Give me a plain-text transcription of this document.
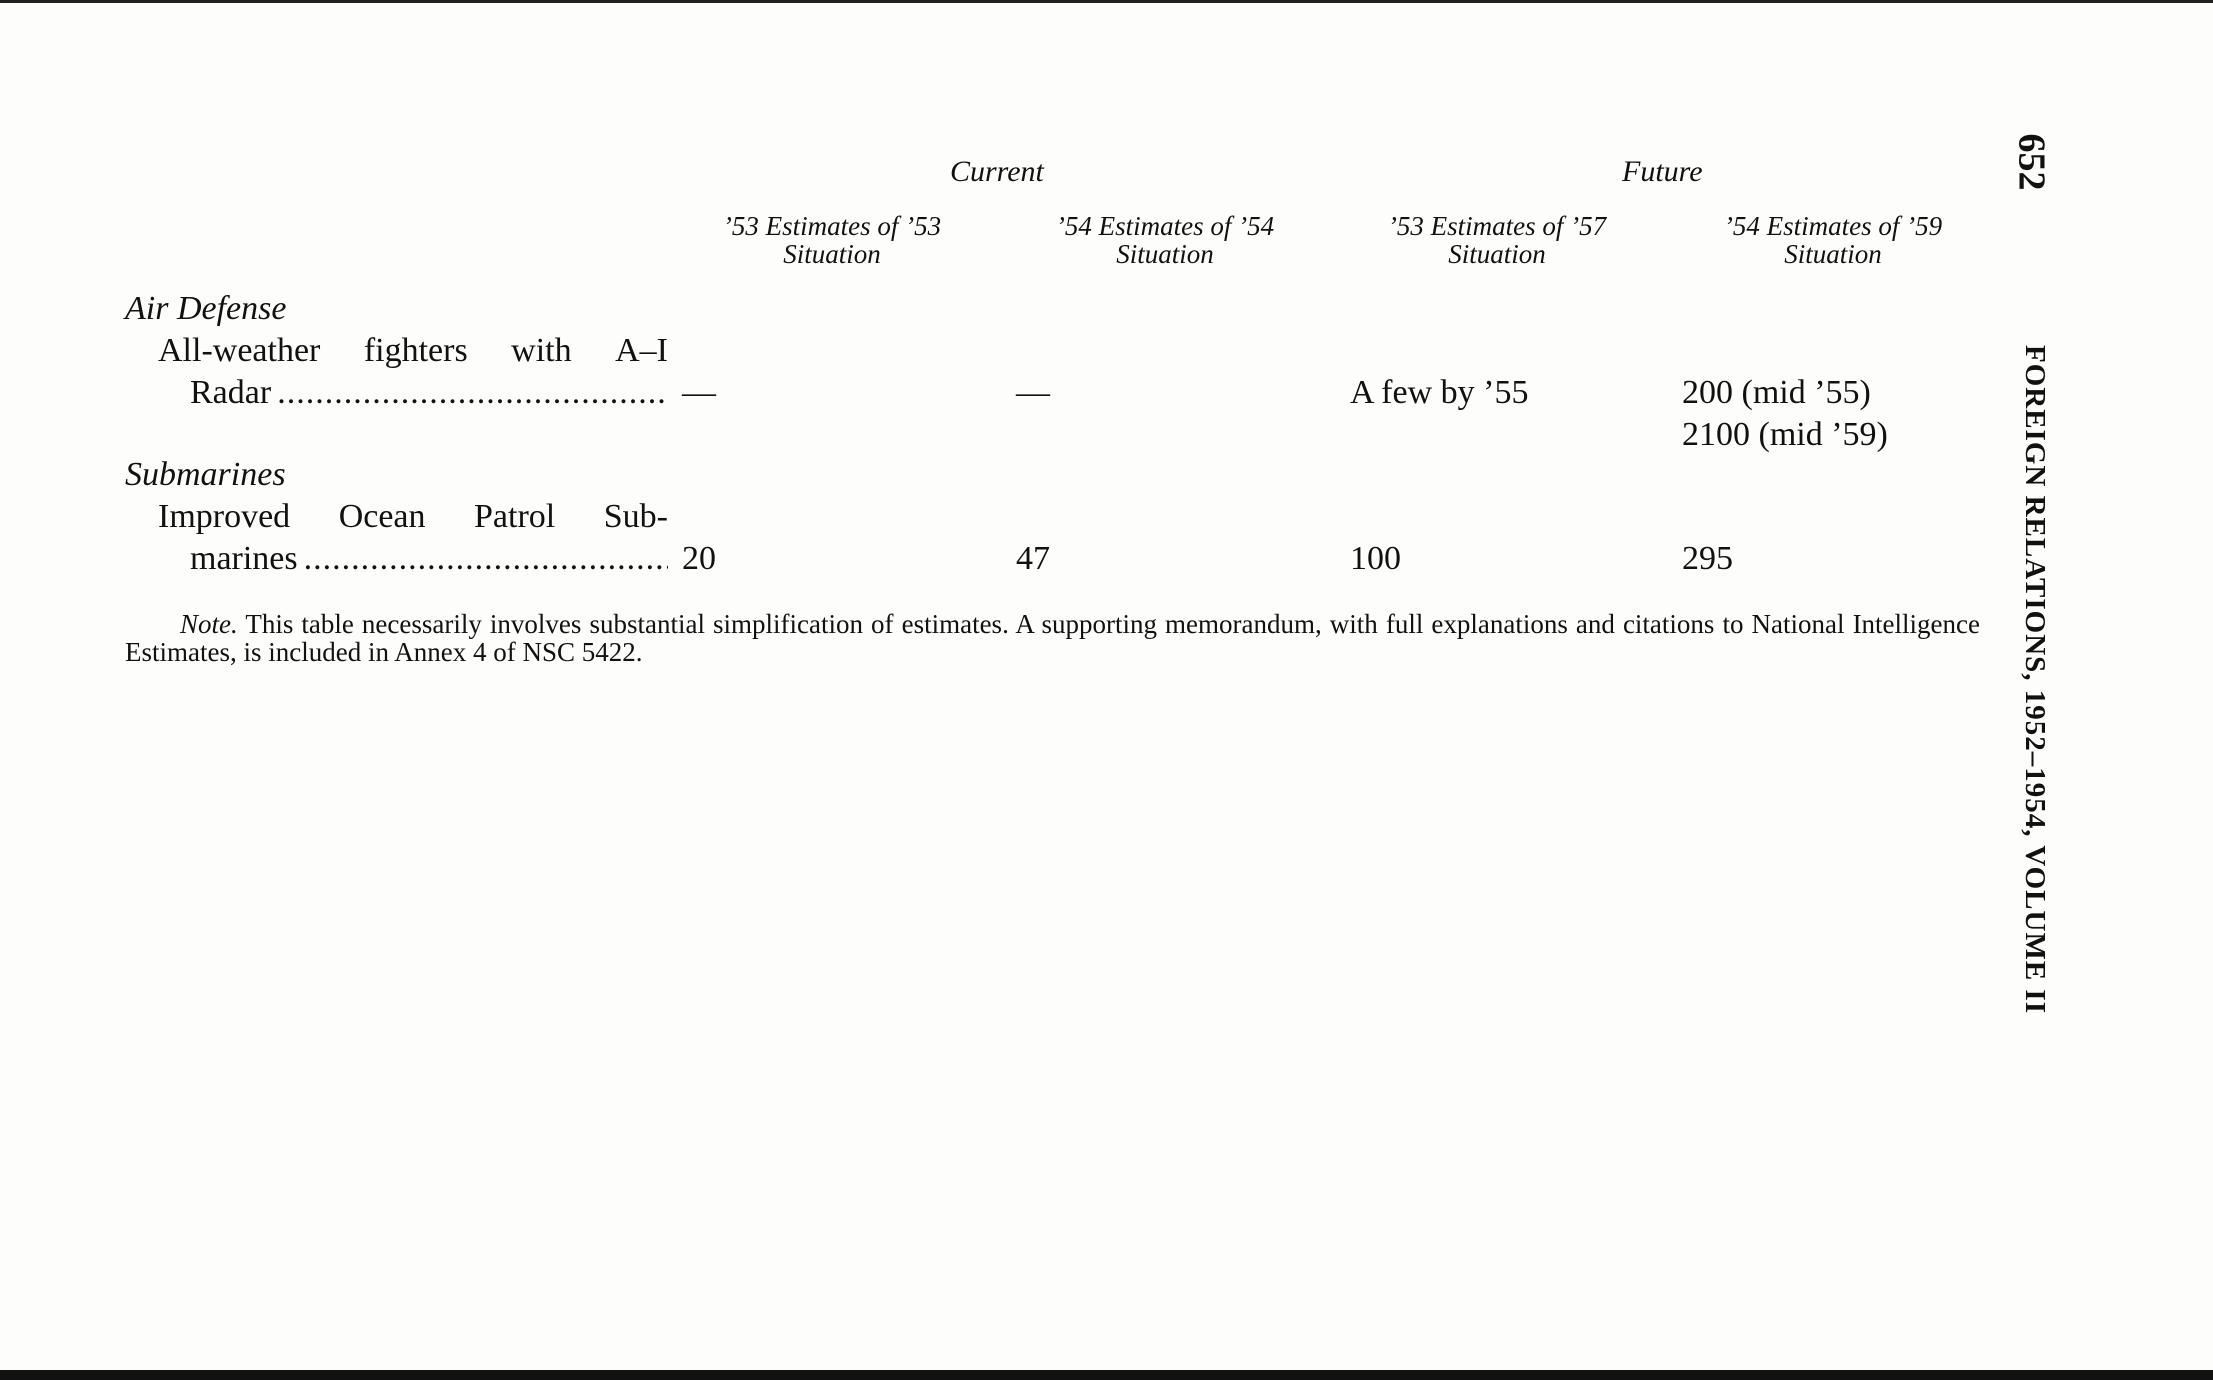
652
FOREIGN RELATIONS, 1952–1954, VOLUME II
Current	Future
’53 Estimates of ’53
Situation
’54 Estimates of ’54
Situation
’53 Estimates of ’57
Situation
’54 Estimates of ’59
Situation
Air Defense
All-weather fighters with A–I
Radar .....	—	—	A few by ’55	200 (mid ’55)
2100 (mid ’59)
Submarines
Improved Ocean Patrol Sub-
marines .....	20	47	100	295
Note. This table necessarily involves substantial simplification of estimates. A supporting memorandum, with full explanations and citations to National Intelligence Estimates, is included in Annex 4 of NSC 5422.
